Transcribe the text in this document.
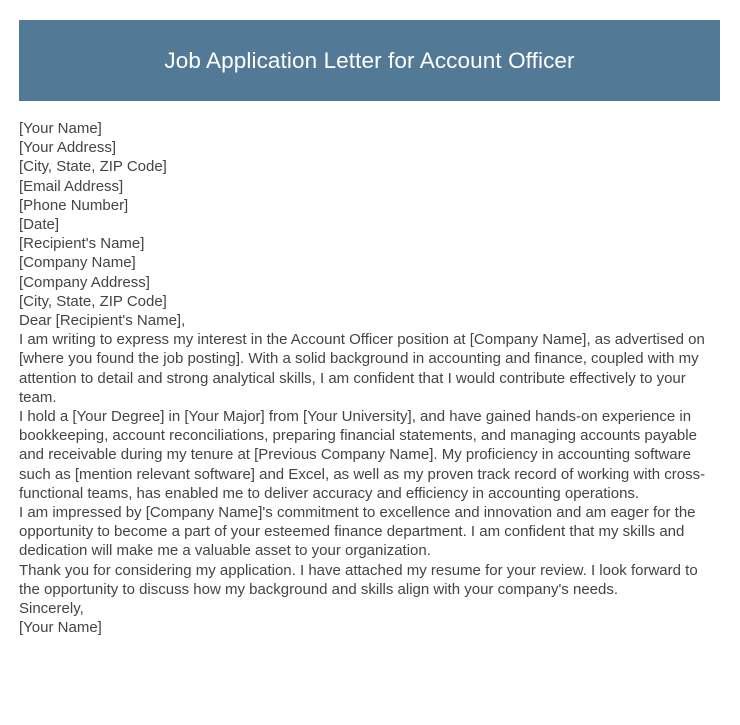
Job Application Letter for Account Officer
[Your Name]
[Your Address]
[City, State, ZIP Code]
[Email Address]
[Phone Number]
[Date]
[Recipient's Name]
[Company Name]
[Company Address]
[City, State, ZIP Code]
Dear [Recipient's Name],

I am writing to express my interest in the Account Officer position at [Company Name], as advertised on [where you found the job posting]. With a solid background in accounting and finance, coupled with my attention to detail and strong analytical skills, I am confident that I would contribute effectively to your team.

I hold a [Your Degree] in [Your Major] from [Your University], and have gained hands-on experience in bookkeeping, account reconciliations, preparing financial statements, and managing accounts payable and receivable during my tenure at [Previous Company Name]. My proficiency in accounting software such as [mention relevant software] and Excel, as well as my proven track record of working with cross-functional teams, has enabled me to deliver accuracy and efficiency in accounting operations.

I am impressed by [Company Name]'s commitment to excellence and innovation and am eager for the opportunity to become a part of your esteemed finance department. I am confident that my skills and dedication will make me a valuable asset to your organization.

Thank you for considering my application. I have attached my resume for your review. I look forward to the opportunity to discuss how my background and skills align with your company's needs.

Sincerely,
[Your Name]
